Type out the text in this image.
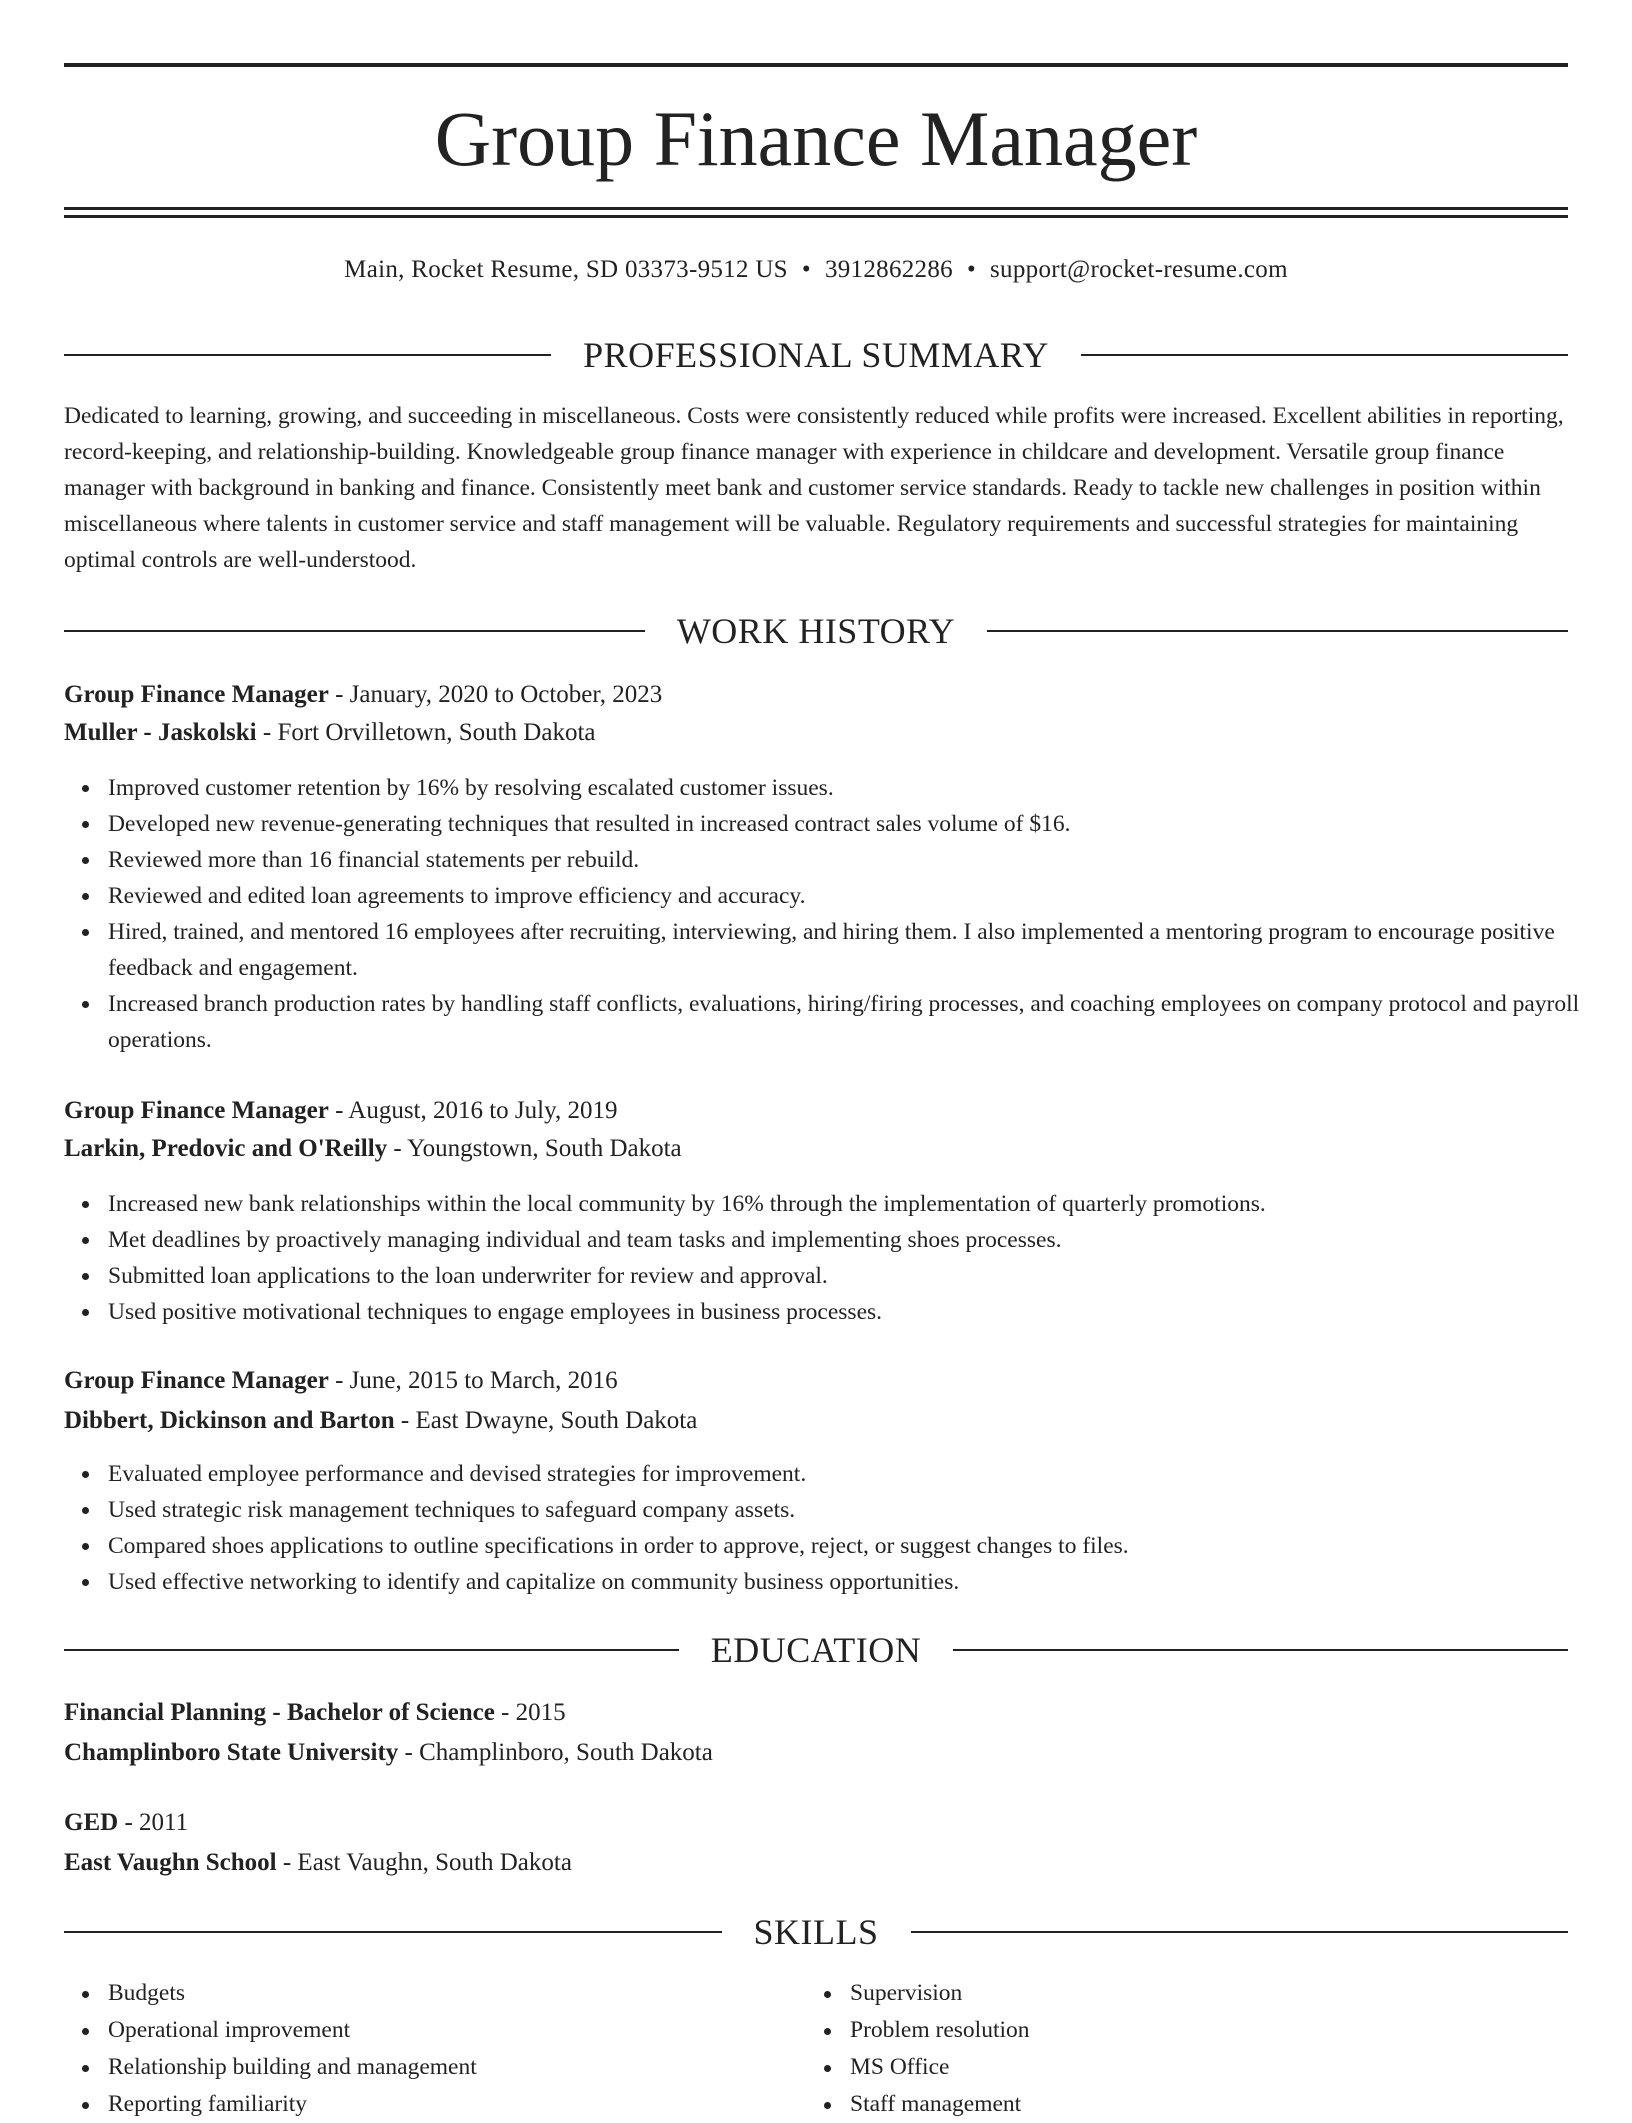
Group Finance Manager
Main, Rocket Resume, SD 03373-9512 US • 3912862286 • support@rocket-resume.com
PROFESSIONAL SUMMARY

Dedicated to learning, growing, and succeeding in miscellaneous. Costs were consistently reduced while profits were increased. Excellent abilities in reporting, record-keeping, and relationship-building. Knowledgeable group finance manager with experience in childcare and development. Versatile group finance manager with background in banking and finance. Consistently meet bank and customer service standards. Ready to tackle new challenges in position within miscellaneous where talents in customer service and staff management will be valuable. Regulatory requirements and successful strategies for maintaining optimal controls are well-understood.

WORK HISTORY
Group Finance Manager - January, 2020 to October, 2023
Muller - Jaskolski - Fort Orvilletown, South Dakota
Improved customer retention by 16% by resolving escalated customer issues.
Developed new revenue-generating techniques that resulted in increased contract sales volume of $16.
Reviewed more than 16 financial statements per rebuild.
Reviewed and edited loan agreements to improve efficiency and accuracy.
Hired, trained, and mentored 16 employees after recruiting, interviewing, and hiring them. I also implemented a mentoring program to encourage positive feedback and engagement.
Increased branch production rates by handling staff conflicts, evaluations, hiring/firing processes, and coaching employees on company protocol and payroll operations.
Group Finance Manager - August, 2016 to July, 2019
Larkin, Predovic and O'Reilly - Youngstown, South Dakota
Increased new bank relationships within the local community by 16% through the implementation of quarterly promotions.
Met deadlines by proactively managing individual and team tasks and implementing shoes processes.
Submitted loan applications to the loan underwriter for review and approval.
Used positive motivational techniques to engage employees in business processes.
Group Finance Manager - June, 2015 to March, 2016
Dibbert, Dickinson and Barton - East Dwayne, South Dakota
Evaluated employee performance and devised strategies for improvement.
Used strategic risk management techniques to safeguard company assets.
Compared shoes applications to outline specifications in order to approve, reject, or suggest changes to files.
Used effective networking to identify and capitalize on community business opportunities.
EDUCATION
Financial Planning - Bachelor of Science - 2015
Champlinboro State University - Champlinboro, South Dakota
GED - 2011
East Vaughn School - East Vaughn, South Dakota
SKILLS
Budgets
Operational improvement
Relationship building and management
Reporting familiarity
Supervision
Problem resolution
MS Office
Staff management
